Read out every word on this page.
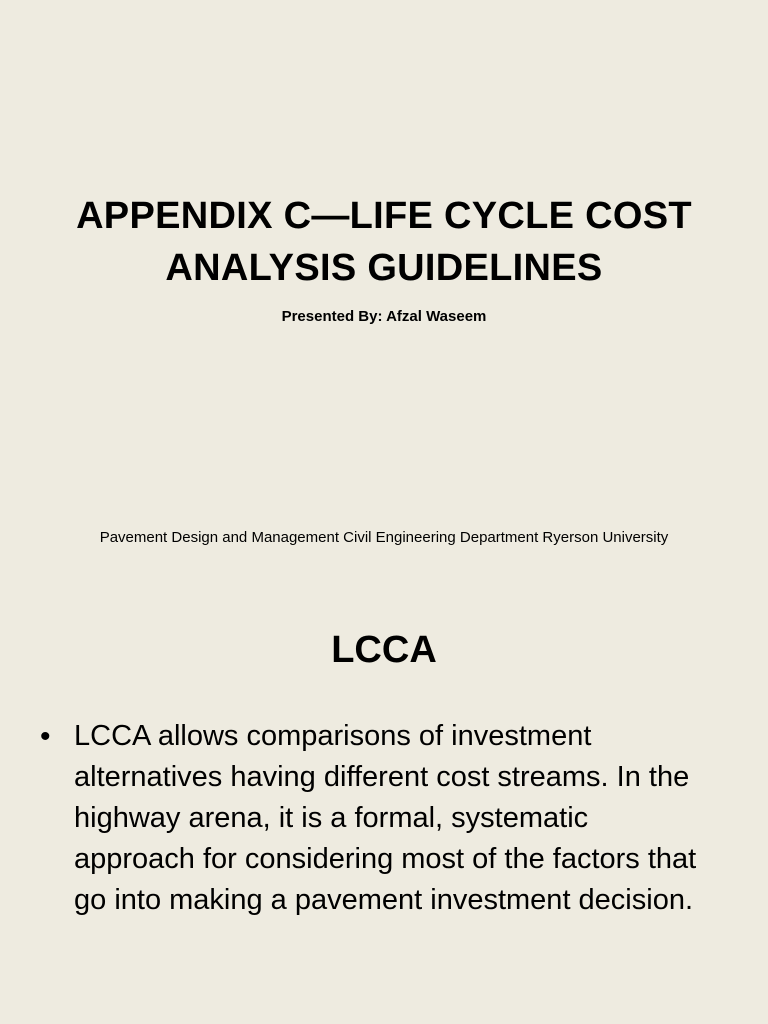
APPENDIX C—LIFE CYCLE COST ANALYSIS GUIDELINES
Presented By: Afzal Waseem
Pavement Design and Management Civil Engineering Department Ryerson University
LCCA
• LCCA allows comparisons of investment alternatives having different cost streams. In the highway arena, it is a formal, systematic approach for considering most of the factors that go into making a pavement investment decision.
